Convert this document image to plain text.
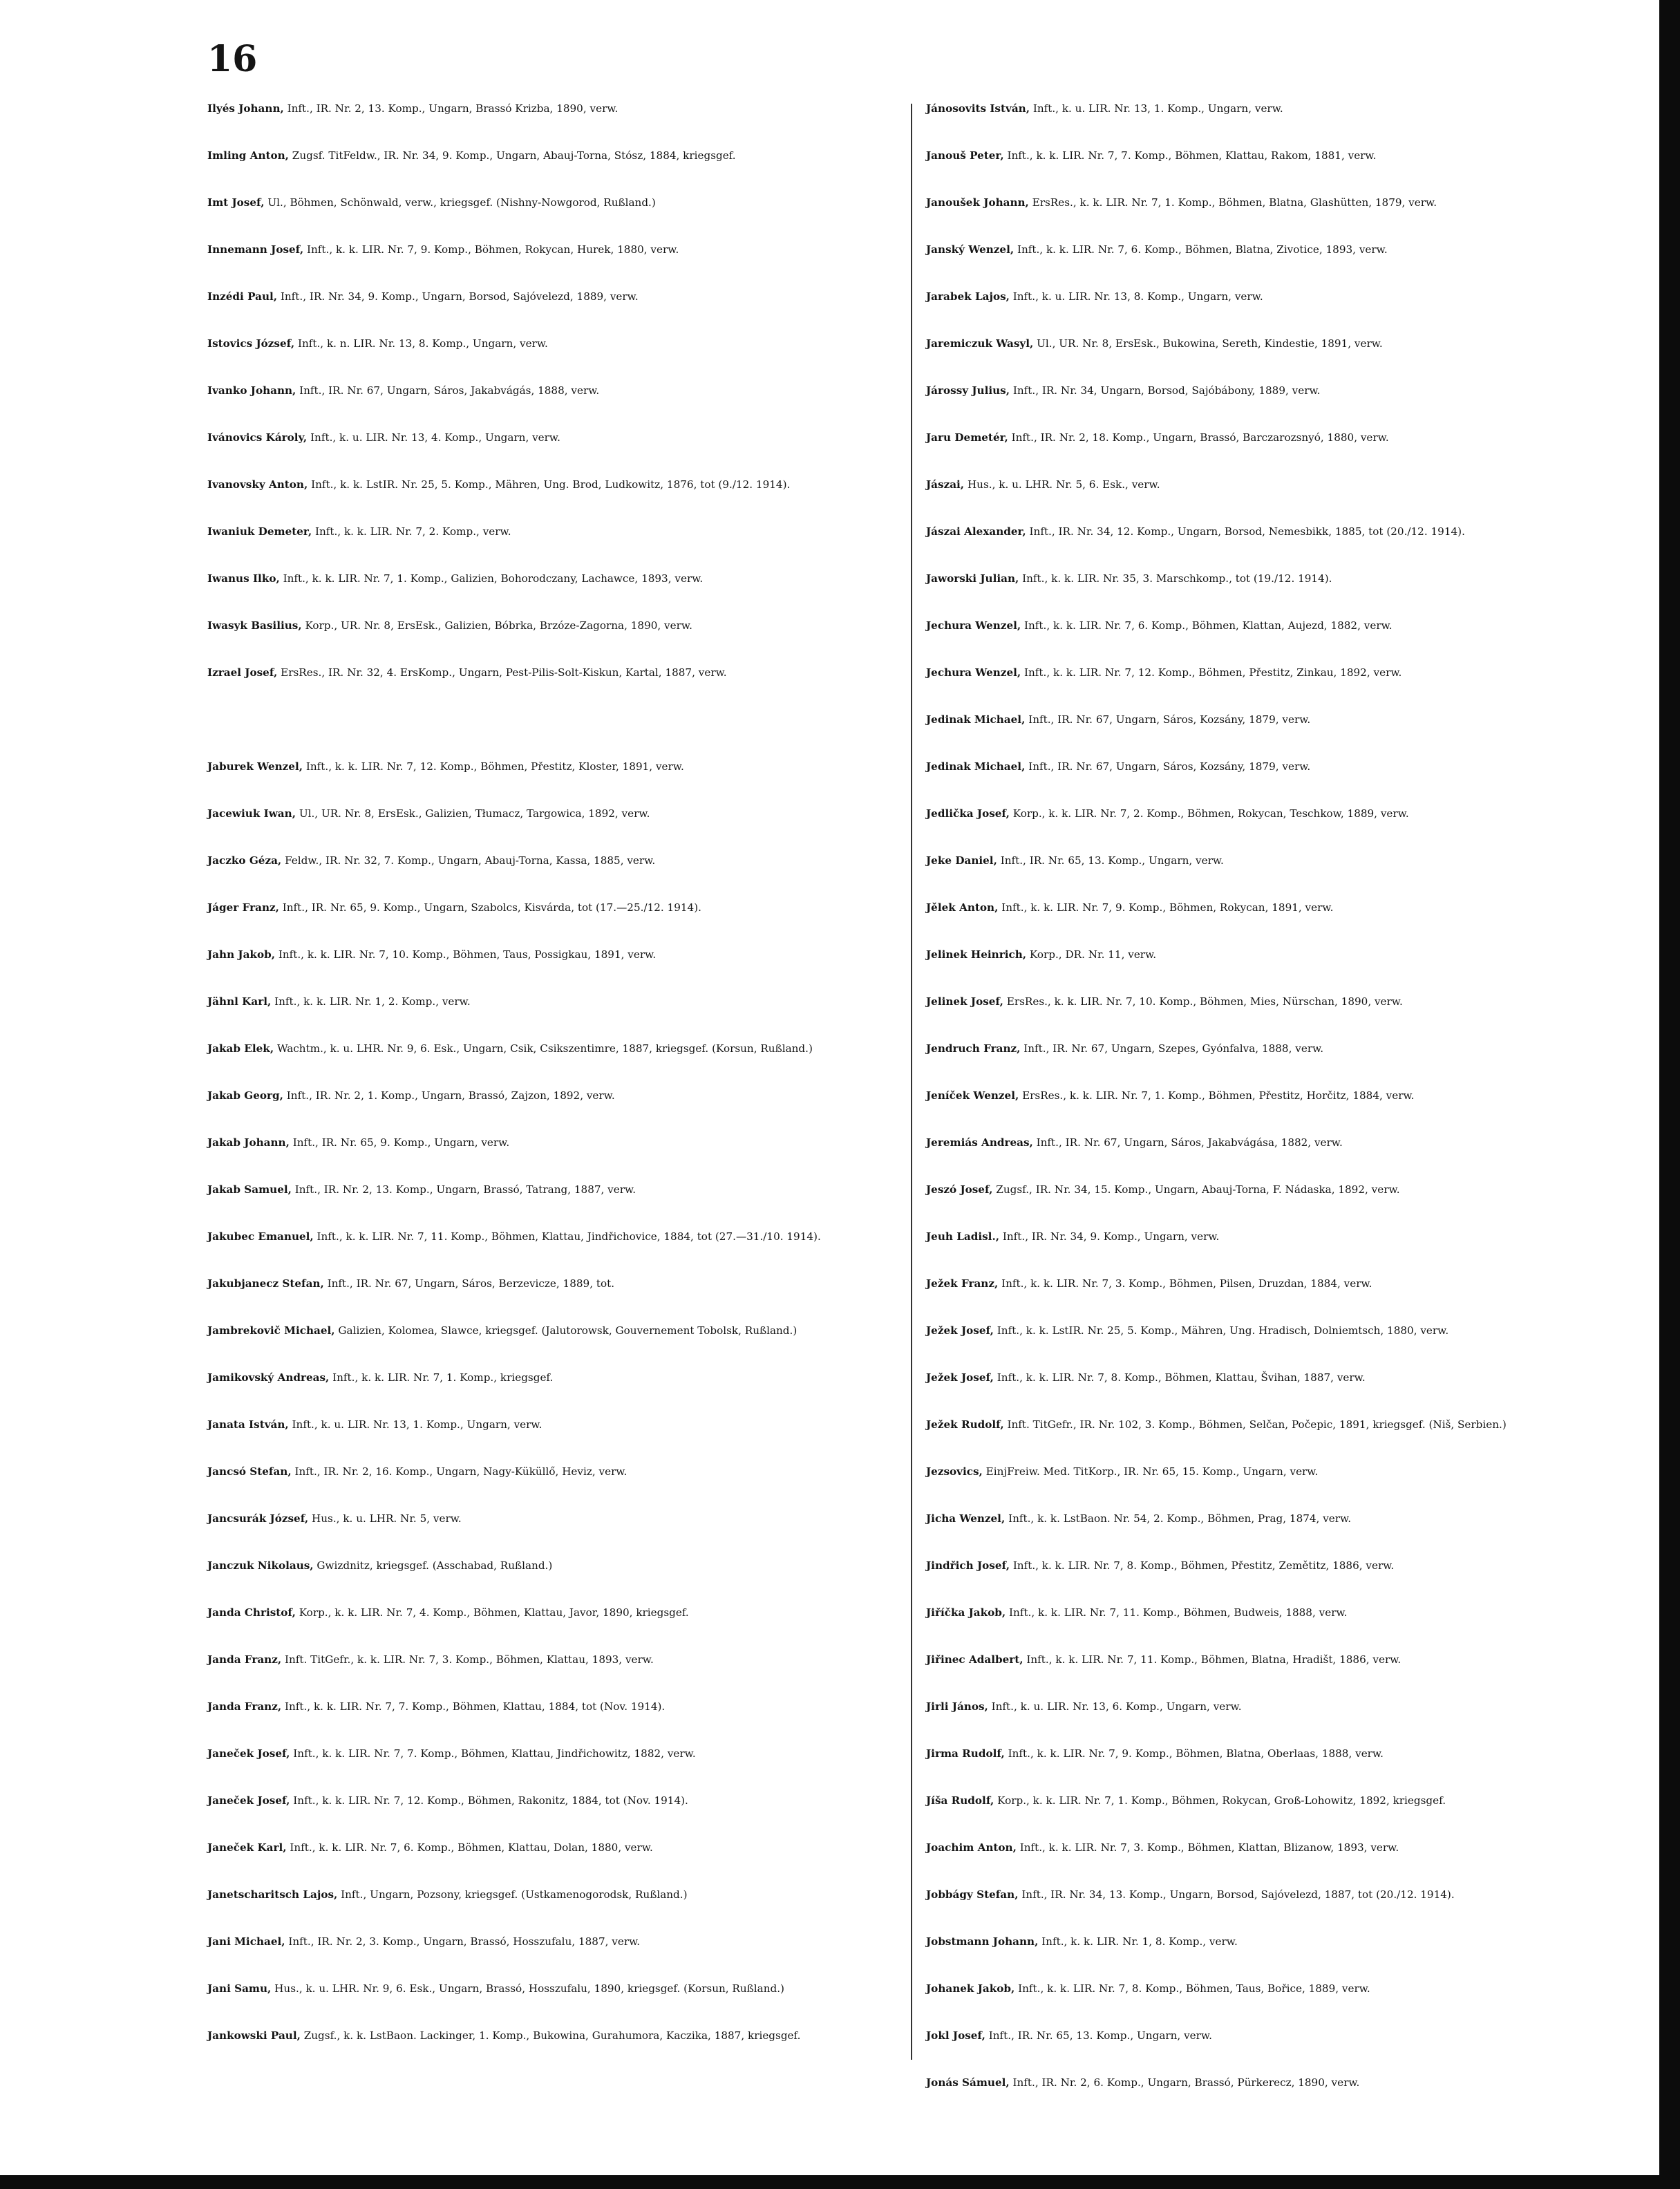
16
Ilyés Johann, Inft., IR. Nr. 2, 13. Komp., Ungarn, Brassó Krizba, 1890, verw.
Imling Anton, Zugsf. TitFeldw., IR. Nr. 34, 9. Komp., Ungarn, Abauj-Torna, Stósz, 1884, kriegsgef.
Imt Josef, Ul., Böhmen, Schönwald, verw., kriegsgef. (Nishny-Nowgorod, Rußland.)
Innemann Josef, Inft., k. k. LIR. Nr. 7, 9. Komp., Böhmen, Rokycan, Hurek, 1880, verw.
Inzédi Paul, Inft., IR. Nr. 34, 9. Komp., Ungarn, Borsod, Sajóvelezd, 1889, verw.
Istovics József, Inft., k. n. LIR. Nr. 13, 8. Komp., Ungarn, verw.
Ivanko Johann, Inft., IR. Nr. 67, Ungarn, Sáros, Jakabvágás, 1888, verw.
Ivánovics Károly, Inft., k. u. LIR. Nr. 13, 4. Komp., Ungarn, verw.
Ivanovsky Anton, Inft., k. k. LstIR. Nr. 25, 5. Komp., Mähren, Ung. Brod, Ludkowitz, 1876, tot (9./12. 1914).
Iwaniuk Demeter, Inft., k. k. LIR. Nr. 7, 2. Komp., verw.
Iwanus Ilko, Inft., k. k. LIR. Nr. 7, 1. Komp., Galizien, Bohorodczany, Lachawce, 1893, verw.
Iwasyk Basilius, Korp., UR. Nr. 8, ErsEsk., Galizien, Bóbrka, Brzóze-Zagorna, 1890, verw.
Izrael Josef, ErsRes., IR. Nr. 32, 4. ErsKomp., Ungarn, Pest-Pilis-Solt-Kiskun, Kartal, 1887, verw.
Jaburek Wenzel, Inft., k. k. LIR. Nr. 7, 12. Komp., Böhmen, Přestitz, Kloster, 1891, verw.
Jacewiuk Iwan, Ul., UR. Nr. 8, ErsEsk., Galizien, Tłumacz, Targowica, 1892, verw.
Jaczko Géza, Feldw., IR. Nr. 32, 7. Komp., Ungarn, Abauj-Torna, Kassa, 1885, verw.
Jáger Franz, Inft., IR. Nr. 65, 9. Komp., Ungarn, Szabolcs, Kisvárda, tot (17.—25./12. 1914).
Jahn Jakob, Inft., k. k. LIR. Nr. 7, 10. Komp., Böhmen, Taus, Possigkau, 1891, verw.
Jähnl Karl, Inft., k. k. LIR. Nr. 1, 2. Komp., verw.
Jakab Elek, Wachtm., k. u. LHR. Nr. 9, 6. Esk., Ungarn, Csik, Csikszentimre, 1887, kriegsgef. (Korsun, Rußland.)
Jakab Georg, Inft., IR. Nr. 2, 1. Komp., Ungarn, Brassó, Zajzon, 1892, verw.
Jakab Johann, Inft., IR. Nr. 65, 9. Komp., Ungarn, verw.
Jakab Samuel, Inft., IR. Nr. 2, 13. Komp., Ungarn, Brassó, Tatrang, 1887, verw.
Jakubec Emanuel, Inft., k. k. LIR. Nr. 7, 11. Komp., Böhmen, Klattau, Jindřichovice, 1884, tot (27.—31./10. 1914).
Jakubjanecz Stefan, Inft., IR. Nr. 67, Ungarn, Sáros, Berzevicze, 1889, tot.
Jambrekovič Michael, Galizien, Kolomea, Slawce, kriegsgef. (Jalutorowsk, Gouvernement Tobolsk, Rußland.)
Jamikovský Andreas, Inft., k. k. LIR. Nr. 7, 1. Komp., kriegsgef.
Janata István, Inft., k. u. LIR. Nr. 13, 1. Komp., Ungarn, verw.
Jancsó Stefan, Inft., IR. Nr. 2, 16. Komp., Ungarn, Nagy-Küküllő, Heviz, verw.
Jancsurák József, Hus., k. u. LHR. Nr. 5, verw.
Janczuk Nikolaus, Gwizdnitz, kriegsgef. (Asschabad, Rußland.)
Janda Christof, Korp., k. k. LIR. Nr. 7, 4. Komp., Böhmen, Klattau, Javor, 1890, kriegsgef.
Janda Franz, Inft. TitGefr., k. k. LIR. Nr. 7, 3. Komp., Böhmen, Klattau, 1893, verw.
Janda Franz, Inft., k. k. LIR. Nr. 7, 7. Komp., Böhmen, Klattau, 1884, tot (Nov. 1914).
Janeček Josef, Inft., k. k. LIR. Nr. 7, 7. Komp., Böhmen, Klattau, Jindřichowitz, 1882, verw.
Janeček Josef, Inft., k. k. LIR. Nr. 7, 12. Komp., Böhmen, Rakonitz, 1884, tot (Nov. 1914).
Janeček Karl, Inft., k. k. LIR. Nr. 7, 6. Komp., Böhmen, Klattau, Dolan, 1880, verw.
Janetscharitsch Lajos, Inft., Ungarn, Pozsony, kriegsgef. (Ustkamenogorodsk, Rußland.)
Jani Michael, Inft., IR. Nr. 2, 3. Komp., Ungarn, Brassó, Hosszufalu, 1887, verw.
Jani Samu, Hus., k. u. LHR. Nr. 9, 6. Esk., Ungarn, Brassó, Hosszufalu, 1890, kriegsgef. (Korsun, Rußland.)
Jankowski Paul, Zugsf., k. k. LstBaon. Lackinger, 1. Komp., Bukowina, Gurahumora, Kaczika, 1887, kriegsgef.
Jánosovits István, Inft., k. u. LIR. Nr. 13, 1. Komp., Ungarn, verw.
Janouš Peter, Inft., k. k. LIR. Nr. 7, 7. Komp., Böhmen, Klattau, Rakom, 1881, verw.
Janoušek Johann, ErsRes., k. k. LIR. Nr. 7, 1. Komp., Böhmen, Blatna, Glashütten, 1879, verw.
Janský Wenzel, Inft., k. k. LIR. Nr. 7, 6. Komp., Böhmen, Blatna, Zivotice, 1893, verw.
Jarabek Lajos, Inft., k. u. LIR. Nr. 13, 8. Komp., Ungarn, verw.
Jaremiczuk Wasyl, Ul., UR. Nr. 8, ErsEsk., Bukowina, Sereth, Kindestie, 1891, verw.
Járossy Julius, Inft., IR. Nr. 34, Ungarn, Borsod, Sajóbábony, 1889, verw.
Jaru Demetér, Inft., IR. Nr. 2, 18. Komp., Ungarn, Brassó, Barczarozsnyó, 1880, verw.
Jászai, Hus., k. u. LHR. Nr. 5, 6. Esk., verw.
Jászai Alexander, Inft., IR. Nr. 34, 12. Komp., Ungarn, Borsod, Nemesbikk, 1885, tot (20./12. 1914).
Jaworski Julian, Inft., k. k. LIR. Nr. 35, 3. Marschkomp., tot (19./12. 1914).
Jechura Wenzel, Inft., k. k. LIR. Nr. 7, 6. Komp., Böhmen, Klattan, Aujezd, 1882, verw.
Jechura Wenzel, Inft., k. k. LIR. Nr. 7, 12. Komp., Böhmen, Přestitz, Zinkau, 1892, verw.
Jedinak Michael, Inft., IR. Nr. 67, Ungarn, Sáros, Kozsány, 1879, verw.
Jedinak Michael, Inft., IR. Nr. 67, Ungarn, Sáros, Kozsány, 1879, verw.
Jedlička Josef, Korp., k. k. LIR. Nr. 7, 2. Komp., Böhmen, Rokycan, Teschkow, 1889, verw.
Jeke Daniel, Inft., IR. Nr. 65, 13. Komp., Ungarn, verw.
Jělek Anton, Inft., k. k. LIR. Nr. 7, 9. Komp., Böhmen, Rokycan, 1891, verw.
Jelinek Heinrich, Korp., DR. Nr. 11, verw.
Jelinek Josef, ErsRes., k. k. LIR. Nr. 7, 10. Komp., Böhmen, Mies, Nürschan, 1890, verw.
Jendruch Franz, Inft., IR. Nr. 67, Ungarn, Szepes, Gyónfalva, 1888, verw.
Jeníček Wenzel, ErsRes., k. k. LIR. Nr. 7, 1. Komp., Böhmen, Přestitz, Horčitz, 1884, verw.
Jeremiás Andreas, Inft., IR. Nr. 67, Ungarn, Sáros, Jakabvágása, 1882, verw.
Jeszó Josef, Zugsf., IR. Nr. 34, 15. Komp., Ungarn, Abauj-Torna, F. Nádaska, 1892, verw.
Jeuh Ladisl., Inft., IR. Nr. 34, 9. Komp., Ungarn, verw.
Ježek Franz, Inft., k. k. LIR. Nr. 7, 3. Komp., Böhmen, Pilsen, Druzdan, 1884, verw.
Ježek Josef, Inft., k. k. LstIR. Nr. 25, 5. Komp., Mähren, Ung. Hradisch, Dolniemtsch, 1880, verw.
Ježek Josef, Inft., k. k. LIR. Nr. 7, 8. Komp., Böhmen, Klattau, Švihan, 1887, verw.
Ježek Rudolf, Inft. TitGefr., IR. Nr. 102, 3. Komp., Böhmen, Selčan, Počepic, 1891, kriegsgef. (Niš, Serbien.)
Jezsovics, EinjFreiw. Med. TitKorp., IR. Nr. 65, 15. Komp., Ungarn, verw.
Jicha Wenzel, Inft., k. k. LstBaon. Nr. 54, 2. Komp., Böhmen, Prag, 1874, verw.
Jindřich Josef, Inft., k. k. LIR. Nr. 7, 8. Komp., Böhmen, Přestitz, Zemětitz, 1886, verw.
Jiříčka Jakob, Inft., k. k. LIR. Nr. 7, 11. Komp., Böhmen, Budweis, 1888, verw.
Jiřinec Adalbert, Inft., k. k. LIR. Nr. 7, 11. Komp., Böhmen, Blatna, Hradišt, 1886, verw.
Jirli János, Inft., k. u. LIR. Nr. 13, 6. Komp., Ungarn, verw.
Jirma Rudolf, Inft., k. k. LIR. Nr. 7, 9. Komp., Böhmen, Blatna, Oberlaas, 1888, verw.
Jíša Rudolf, Korp., k. k. LIR. Nr. 7, 1. Komp., Böhmen, Rokycan, Groß-Lohowitz, 1892, kriegsgef.
Joachim Anton, Inft., k. k. LIR. Nr. 7, 3. Komp., Böhmen, Klattan, Blizanow, 1893, verw.
Jobbágy Stefan, Inft., IR. Nr. 34, 13. Komp., Ungarn, Borsod, Sajóvelezd, 1887, tot (20./12. 1914).
Jobstmann Johann, Inft., k. k. LIR. Nr. 1, 8. Komp., verw.
Johanek Jakob, Inft., k. k. LIR. Nr. 7, 8. Komp., Böhmen, Taus, Bořice, 1889, verw.
Jokl Josef, Inft., IR. Nr. 65, 13. Komp., Ungarn, verw.
Jonás Sámuel, Inft., IR. Nr. 2, 6. Komp., Ungarn, Brassó, Pürkerecz, 1890, verw.
